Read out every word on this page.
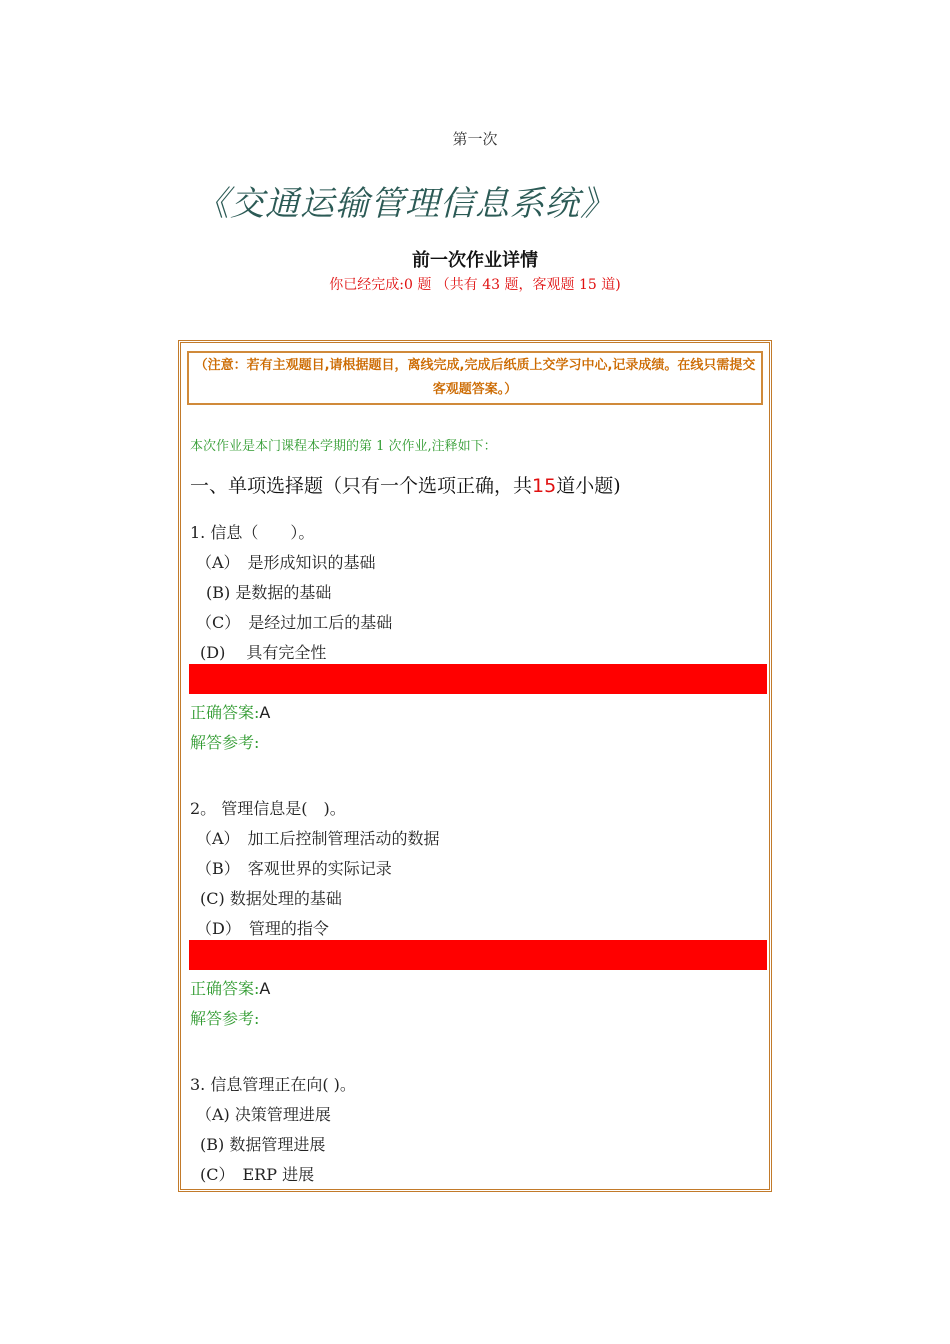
第一次
《交通运输管理信息系统》
前一次作业详情
你已经完成:0 题 （共有 43 题，客观题 15 道)
（注意：若有主观题目,请根据题目，离线完成,完成后纸质上交学习中心,记录成绩。在线只需提交客观题答案。）
本次作业是本门课程本学期的第 1 次作业,注释如下：
一、单项选择题（只有一个选项正确，共15道小题)
1. 信息（　　）。
（A）　是形成知识的基础
(B) 是数据的基础
（C）　是经过加工后的基础
(D)　 具有完全性
正确答案:A
解答参考:
2。 管理信息是(　)。
（A）　加工后控制管理活动的数据
（B）　客观世界的实际记录
(C) 数据处理的基础
（D）　管理的指令
正确答案:A
解答参考:
3. 信息管理正在向( )。
（A) 决策管理进展
(B) 数据管理进展
(C）　ERP 进展
